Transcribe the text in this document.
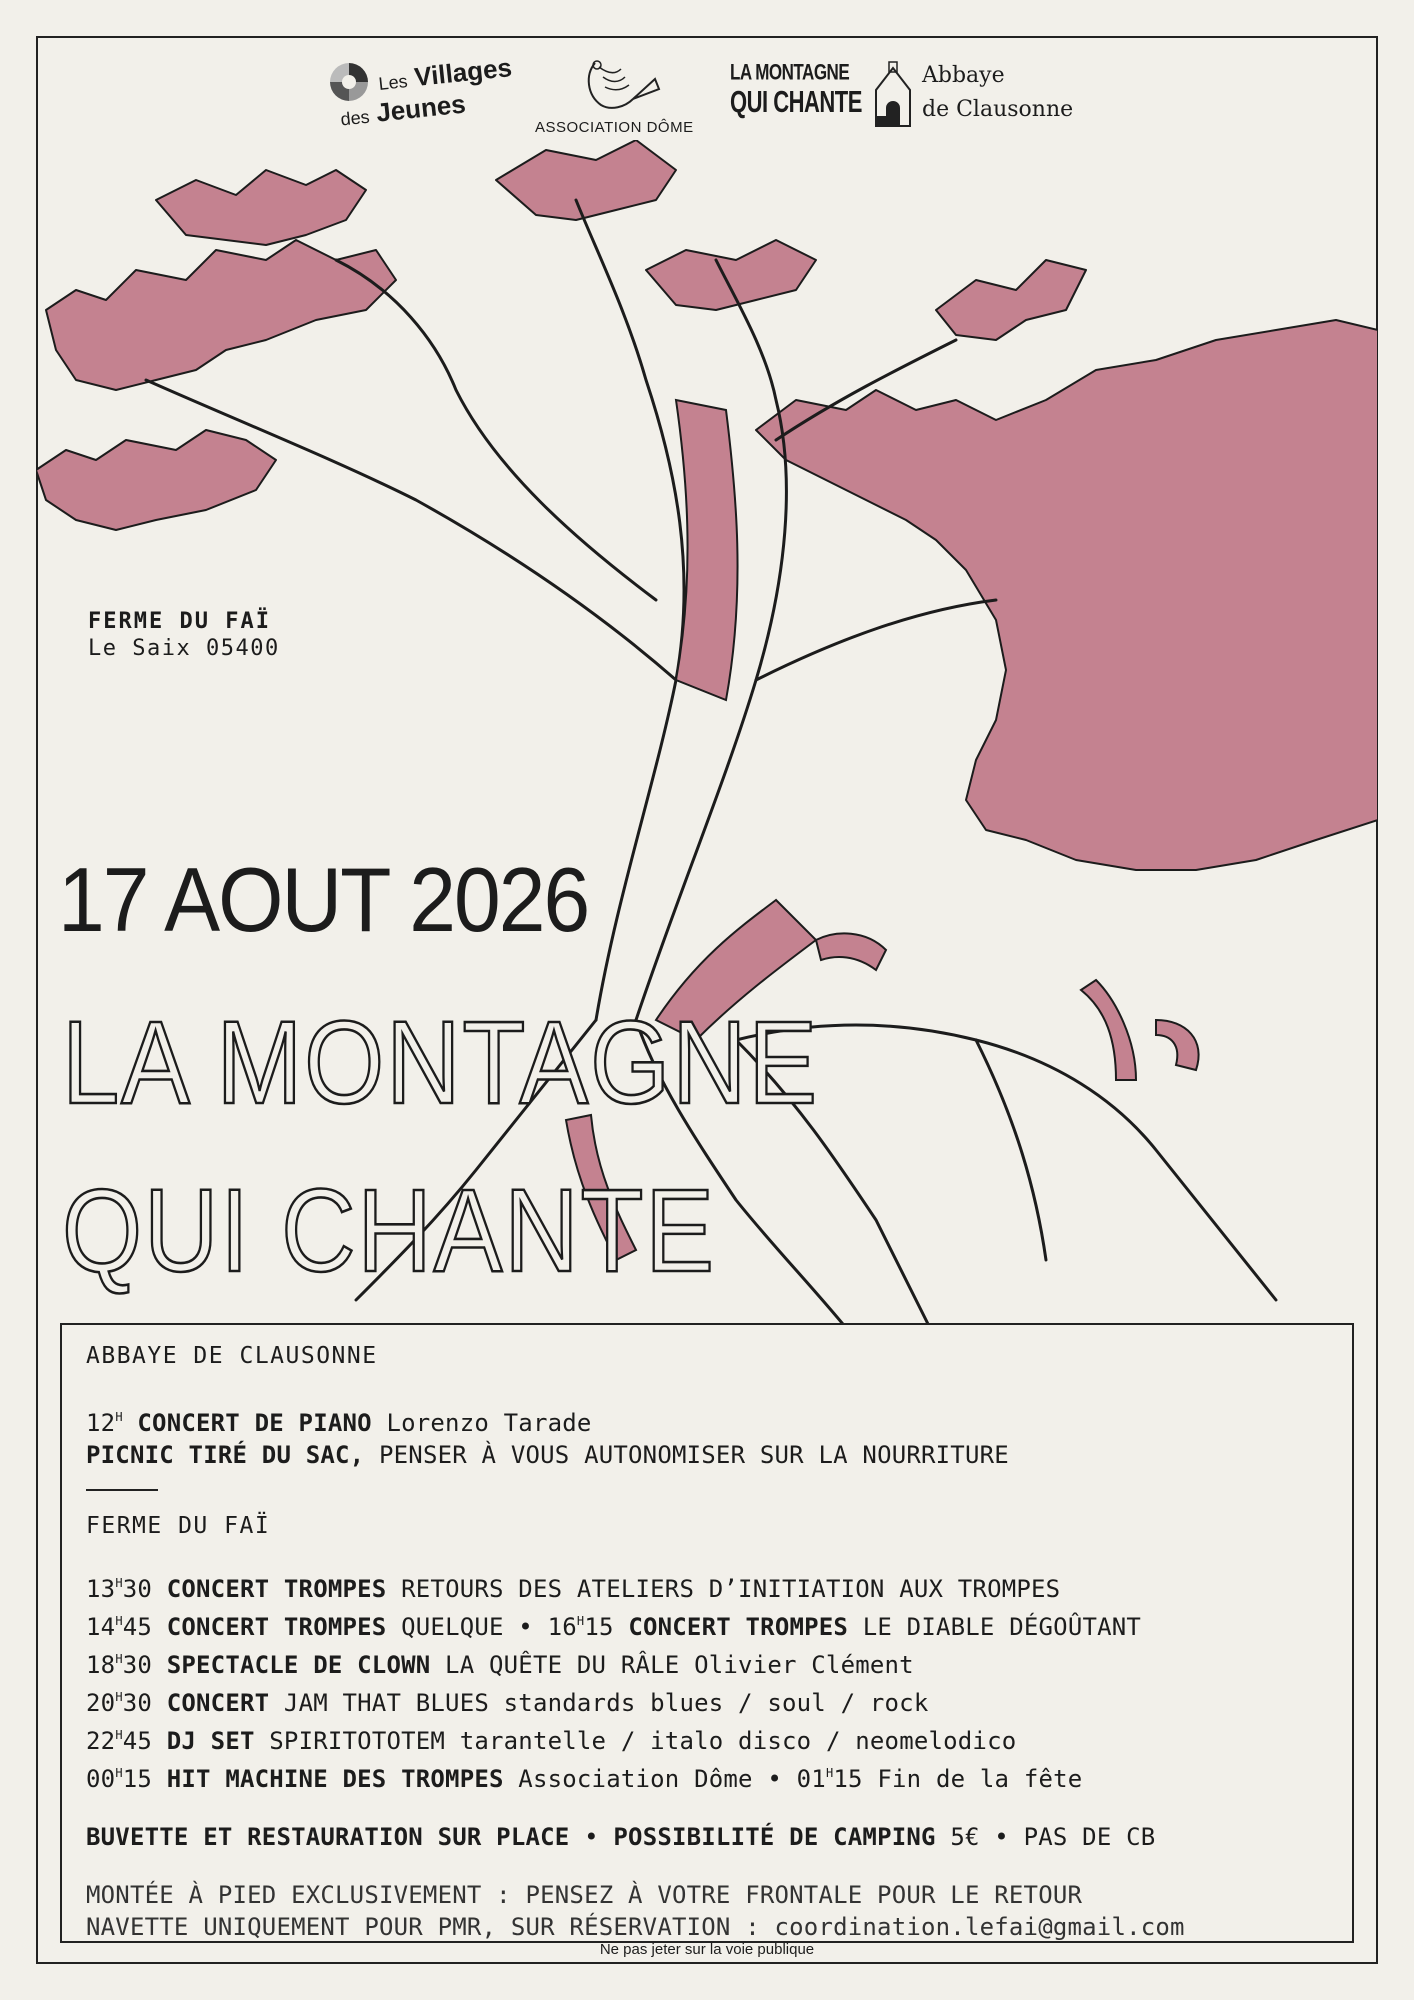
Les Villages
des Jeunes	ASSOCIATION DÔME
LA MONTAGNE
QUI CHANTE
Abbaye
de Clausonne
FERME DU FAÏ
Le Saix 05400
17 AOUT 2026
LA MONTAGNE
QUI CHANTE
ABBAYE DE CLAUSONNE
$12^H$ CONCERT DE PIANO Lorenzo Tarade
PICNIC TIRÉ DU SAC, PENSER À VOUS AUTONOMISER SUR LA NOURRITURE
FERME DU FAÏ
$13^H30$ CONCERT TROMPES RETOURS DES ATELIERS D’INITIATION AUX TROMPES
$14^H45$ CONCERT TROMPES QUELQUE • $16^H15$ CONCERT TROMPES LE DIABLE DÉGOÛTANT
$18^H30$ SPECTACLE DE CLOWN LA QUÊTE DU RÂLE Olivier Clément
$20^H30$ CONCERT JAM THAT BLUES standards blues / soul / rock
$22^H45$ DJ SET SPIRITOTOTEM tarantelle / italo disco / neomelodico
$00^H15$ HIT MACHINE DES TROMPES Association Dôme • $01^H15$ Fin de la fête
BUVETTE ET RESTAURATION SUR PLACE • POSSIBILITÉ DE CAMPING 5€ • PAS DE CB
MONTÉE À PIED EXCLUSIVEMENT : PENSEZ À VOTRE FRONTALE POUR LE RETOUR
NAVETTE UNIQUEMENT POUR PMR, SUR RÉSERVATION : coordination.lefai@gmail.com
Ne pas jeter sur la voie publique
